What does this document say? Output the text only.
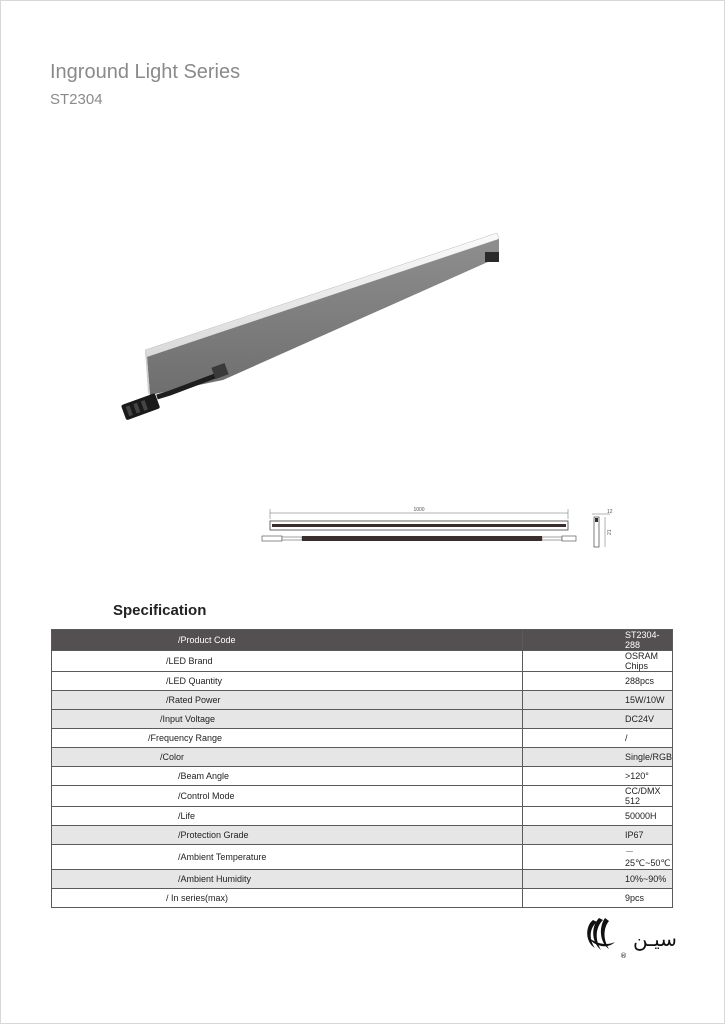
Inground Light Series
ST2304
1000	12
21
Specification
/Product Code	ST2304-288
/LED Brand	OSRAM Chips
/LED Quantity	288pcs
/Rated Power	15W/10W
/Input Voltage	DC24V
/Frequency Range	/
/Color	Single/RGB
/Beam Angle	>120°
/Control Mode	CC/DMX 512
/Life	50000H
/Protection Grade	IP67
/Ambient Temperature	－25℃~50℃
/Ambient Humidity	10%~90%
/ In series(max)	9pcs
سيـن
®
